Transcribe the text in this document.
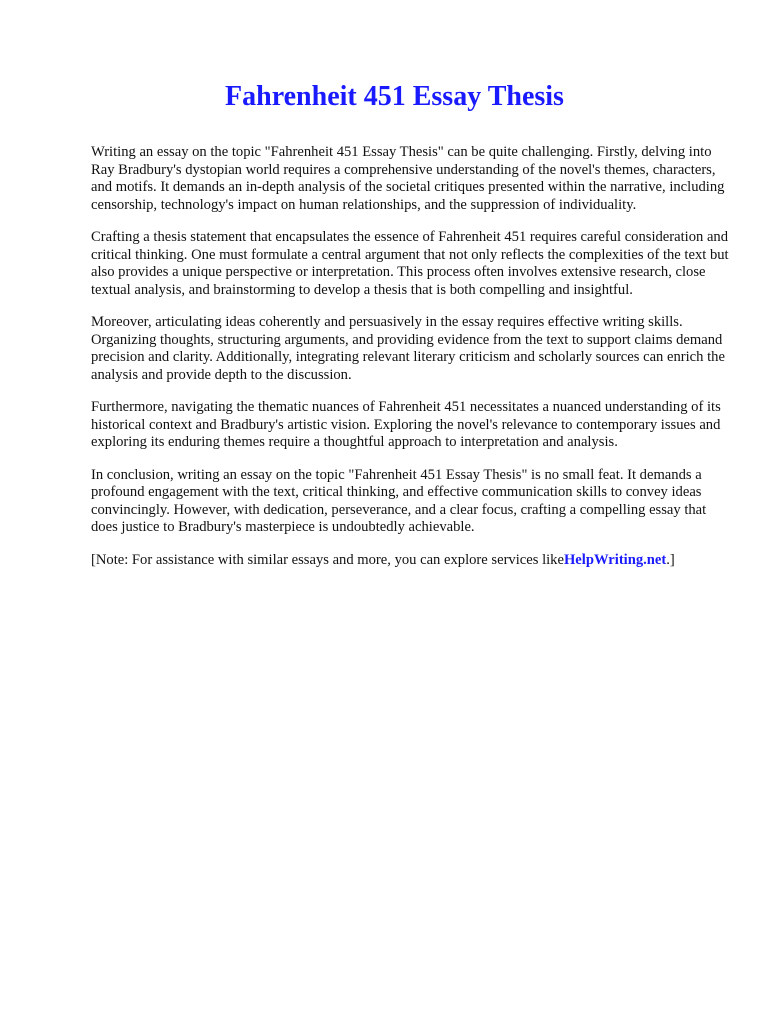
Fahrenheit 451 Essay Thesis

Writing an essay on the topic "Fahrenheit 451 Essay Thesis" can be quite challenging. Firstly, delving into Ray Bradbury's dystopian world requires a comprehensive understanding of the novel's themes, characters, and motifs. It demands an in-depth analysis of the societal critiques presented within the narrative, including censorship, technology's impact on human relationships, and the suppression of individuality.

Crafting a thesis statement that encapsulates the essence of Fahrenheit 451 requires careful consideration and critical thinking. One must formulate a central argument that not only reflects the complexities of the text but also provides a unique perspective or interpretation. This process often involves extensive research, close textual analysis, and brainstorming to develop a thesis that is both compelling and insightful.

Moreover, articulating ideas coherently and persuasively in the essay requires effective writing skills. Organizing thoughts, structuring arguments, and providing evidence from the text to support claims demand precision and clarity. Additionally, integrating relevant literary criticism and scholarly sources can enrich the analysis and provide depth to the discussion.

Furthermore, navigating the thematic nuances of Fahrenheit 451 necessitates a nuanced understanding of its historical context and Bradbury's artistic vision. Exploring the novel's relevance to contemporary issues and exploring its enduring themes require a thoughtful approach to interpretation and analysis.

In conclusion, writing an essay on the topic "Fahrenheit 451 Essay Thesis" is no small feat. It demands a profound engagement with the text, critical thinking, and effective communication skills to convey ideas convincingly. However, with dedication, perseverance, and a clear focus, crafting a compelling essay that does justice to Bradbury's masterpiece is undoubtedly achievable.

[Note: For assistance with similar essays and more, you can explore services likeHelpWriting.net.]
